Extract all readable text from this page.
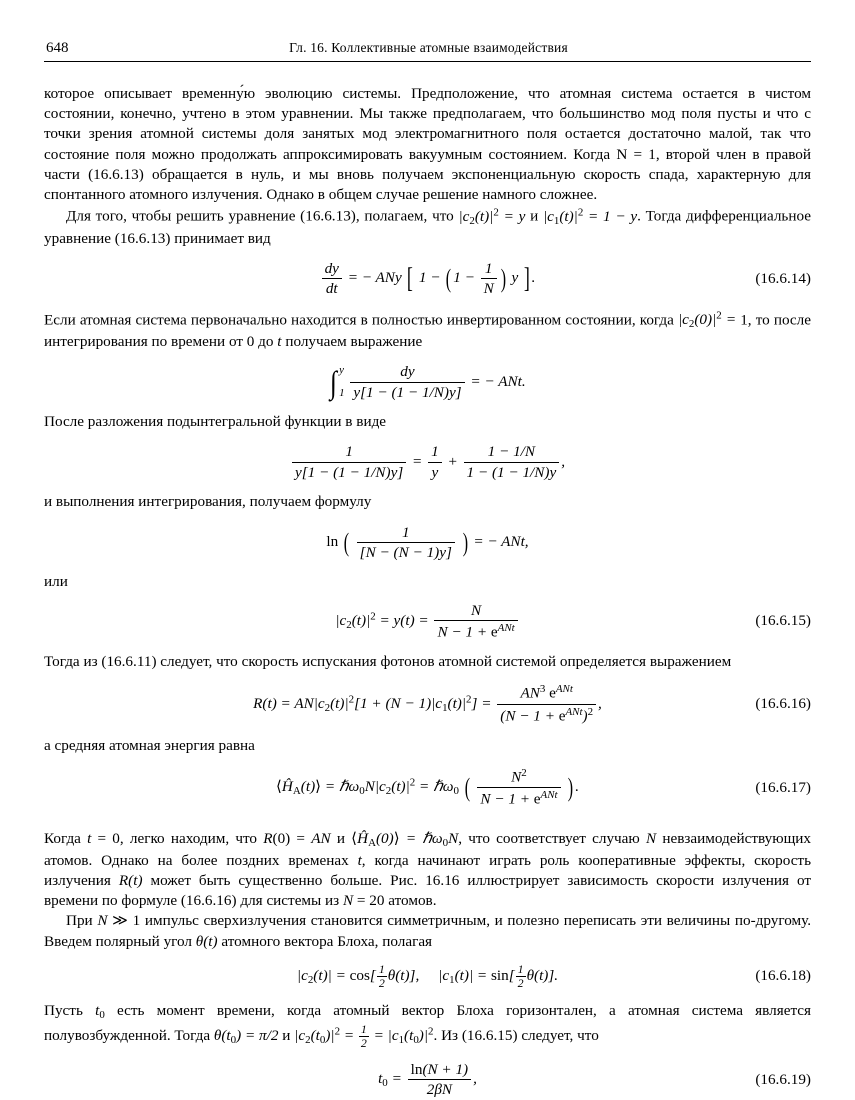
648	Гл. 16. Коллективные атомные взаимодействия

которое описывает временну́ю эволюцию системы. Предположение, что атомная система остается в чистом состоянии, конечно, учтено в этом уравнении. Мы также предполагаем, что большинство мод поля пусты и что с точки зрения атомной системы доля занятых мод электромагнитного поля остается достаточно малой, так что состояние поля можно продолжать аппроксимировать вакуумным состоянием. Когда N = 1, второй член в правой части (16.6.13) обращается в нуль, и мы вновь получаем экспоненциальную скорость спада, характерную для спонтанного атомного излучения. Однако в общем случае решение намного сложнее.

Для того, чтобы решить уравнение (16.6.13), полагаем, что $|c_2(t)|^2 = y$ и $|c_1(t)|^2 = 1 - y$. Тогда дифференциальное уравнение (16.6.13) принимает вид

$\frac{dy}{dt}$ = − ANy [ 1 − ( $1 - \frac{1}{N}$ ) y ] .	(16.6.14)

Если атомная система первоначально находится в полностью инвертированном состоянии, когда $|c_2(0)|^2 = 1$, то после интегрирования по времени от 0 до t получаем выражение

∫ y
1
$\frac{dy}{y[1 - (1 - 1/N)y]}$ = − ANt.

После разложения подынтегральной функции в виде

$\frac{1}{y[1 - (1 - 1/N)y]} = \frac{1}{y} + \frac{1 - 1/N}{1 - (1 - 1/N)y}$ ,

и выполнения интегрирования, получаем формулу

ln ( $\frac{1}{[N - (N - 1)y]}$ ) = − ANt,
или
$|c_2(t)|^2 = y(t) = \frac{N}{N - 1 + e^{ANt}}$	(16.6.15)

Тогда из (16.6.11) следует, что скорость испускания фотонов атомной системой определяется выражением

$R(t) = AN|c_2(t)|^2[1 + (N - 1)|c_1(t)|^2] = \frac{AN^3 e^{ANt}}{(N - 1 + e^{ANt})^2}$ ,	(16.6.16)

а средняя атомная энергия равна

$⟨Ĥ_A(t)⟩$ = $\hbar\omega_0N|c_2(t)|^2$ = ℏω$_0$ ( $\frac{N^2}{N - 1 + e^{ANt}}$ ) .	(16.6.17)

Когда t = 0, легко находим, что R(0) = AN и $⟨Ĥ_A(0)⟩$ = ℏω$_0$N, что соответствует случаю N невзаимодействующих атомов. Однако на более поздних временах t, когда начинают играть роль кооперативные эффекты, скорость излучения R(t) может быть существенно больше. Рис. 16.16 иллюстрирует зависимость скорости излучения от времени по формуле (16.6.16) для системы из N = 20 атомов.

При N ≫ 1 импульс сверхизлучения становится симметричным, и полезно переписать эти величины по-другому. Введем полярный угол θ(t) атомного вектора Блоха, полагая

$|c_2(t)| = \cos[ \frac{1}{2} \theta(t)]$,     $|c_1(t)| = \sin[ \frac{1}{2} \theta(t)]$.	(16.6.18)

Пусть $t_0$ есть момент времени, когда атомный вектор Блоха горизонтален, а атомная система является полувозбужденной. Тогда $\theta(t_0) = \pi/2$ и $|c_2(t_0)|^2 = \frac{1}{2} = |c_1(t_0)|^2$. Из (16.6.15) следует, что

$t_0 = \frac{\ln(N + 1)}{2\beta N}$ ,	(16.6.19)
